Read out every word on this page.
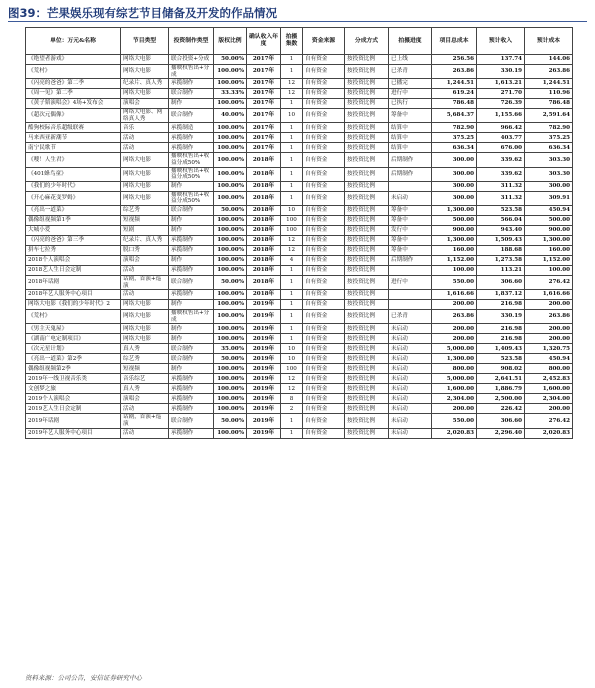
图39：芒果娱乐现有综艺节目储备及开发的作品情况
单位：万元&名称	节目类型	投资制作类型	版权比例	确认收入年度	拍摄集数	资金来源	分成方式	拍摄进度	项目总成本	预计收入	预计成本
《绝望者游戏》	网络大电影	联合投资+分成	50.00%	2017年	1	自有资金	按投资比例	已上线	256.56	137.74	144.06
《荒村》	网络大电影	播映权售出+分成	100.00%	2017年	1	自有资金	按投资比例	已杀青	263.86	330.19	263.86
《闪亮的爸爸》第二季	纪录片、真人秀	承揽制作	100.00%	2017年	12	自有资金	按投资比例	已播完	1,244.51	1,613.21	1,244.51
《周一见》第二季	网络大电影	联合制作	33.33%	2017年	12	自有资金	按投资比例	进行中	619.24	271.70	110.96
《黄子韬演唱会》4场+发布会	演唱会	制作	100.00%	2017年	1	自有资金	按投资比例	已执行	786.48	726.39	786.48
《超次元偶像》	网络大电影、网络真人秀	联合制作	40.00%	2017年	10	自有资金	按投资比例	筹备中	5,684.37	1,155.66	2,591.64
酷狗校际音乐超级联赛	音乐	承揽制造	100.00%	2017年	1	自有资金	按投资比例	结算中	782.90	966.42	782.90
马来西亚新潮节	活动	承揽制作	100.00%	2017年	1	自有资金	按投资比例	结算中	375.25	403.77	375.25
南宁民歌节	活动	承揽制作	100.00%	2017年	1	自有资金	按投资比例	结算中	636.34	676.00	636.34
《嗖！人生君》	网络大电影	播映权售出+收益分成50%	100.00%	2018年	1	自有资金	按投资比例	后期制作	300.00	339.62	303.30
《401蜂鸟童》	网络大电影	播映权售出+收益分成50%	100.00%	2018年	1	自有资金	按投资比例	后期制作	300.00	339.62	303.30
《我们的少年时代》	网络大电影	制作	100.00%	2018年	1	自有资金	按投资比例		300.00	311.32	300.00
《开心麻花变罗姆》	网络大电影	播映权售出+收益分成50%	100.00%	2018年	1	自有资金	按投资比例	未启动	300.00	311.32	309.91
《亮出一道菜》	综艺秀	联合制作	50.00%	2018年	10	自有资金	按投资比例	筹备中	1,300.00	523.58	450.94
偶像组视频第1季	短视频	制作	100.00%	2018年	100	自有资金	按投资比例	筹备中	500.00	566.04	500.00
大城小爱	短剧	制作	100.00%	2018年	100	自有资金	按投资比例	发行中	900.00	943.40	900.00
《闪亮的爸爸》第三季	纪录片、真人秀	承揽制作	100.00%	2018年	12	自有资金	按投资比例	筹备中	1,300.00	1,509.43	1,300.00
拼车七拉秀	脱口秀	承揽制作	100.00%	2018年	12	自有资金	按投资比例	筹备中	160.00	188.68	160.00
2018个人演唱会	演唱会	制作	100.00%	2018年	4	自有资金	按投资比例	后期制作	1,152.00	1,273.58	1,152.00
2018艺人生日会定制	活动	承揽制作	100.00%	2018年	1	自有资金	按投资比例		100.00	113.21	100.00
2018年话剧	话剧，首演+巡演	联合制作	50.00%	2018年	1	自有资金	按投资比例	进行中	550.00	306.60	276.42
2018年艺人服务中心项目	活动	承揽制作	100.00%	2018年	1	自有资金	按投资比例		1,616.66	1,837.12	1,616.66
网络大电影《我们的少年时代》2	网络大电影	制作	100.00%	2019年	1	自有资金	按投资比例		200.00	216.98	200.00
《荒村》	网络大电影	播映权售出+分成	100.00%	2019年	1	自有资金	按投资比例	已杀青	263.86	330.19	263.86
《男主天鬼屋》	网络大电影	制作	100.00%	2019年	1	自有资金	按投资比例	未启动	200.00	216.98	200.00
《湖南广电定制项目》	网络大电影	制作	100.00%	2019年	1	自有资金	按投资比例	未启动	200.00	216.98	200.00
《次元星计划》	真人秀	联合制作	35.00%	2019年	10	自有资金	按投资比例	未启动	5,000.00	1,409.43	1,320.75
《亮出一道菜》第2季	综艺秀	联合制作	50.00%	2019年	10	自有资金	按投资比例	未启动	1,300.00	523.58	450.94
偶像组视频第2季	短视频	制作	100.00%	2019年	100	自有资金	按投资比例	未启动	800.00	908.02	800.00
2019年一线卫视音乐类	音乐综艺	承揽制作	100.00%	2019年	12	自有资金	按投资比例	未启动	5,000.00	2,641.51	2,452.83
文创梦之旅	真人秀	承揽制作	100.00%	2019年	12	自有资金	按投资比例	未启动	1,600.00	1,886.79	1,600.00
2019个人演唱会	演唱会	承揽制作	100.00%	2019年	8	自有资金	按投资比例	未启动	2,304.00	2,500.00	2,304.00
2019艺人生日会定制	活动	承揽制作	100.00%	2019年	2	自有资金	按投资比例	未启动	200.00	226.42	200.00
2019年话剧	话剧，首演+巡演	联合制作	50.00%	2019年	1	自有资金	按投资比例	未启动	550.00	306.60	276.42
2019年艺人服务中心项目	活动	承揽制作	100.00%	2019年	1	自有资金	按投资比例	未启动	2,020.83	2,296.40	2,020.83
资料来源：公司公告，安信证券研究中心
